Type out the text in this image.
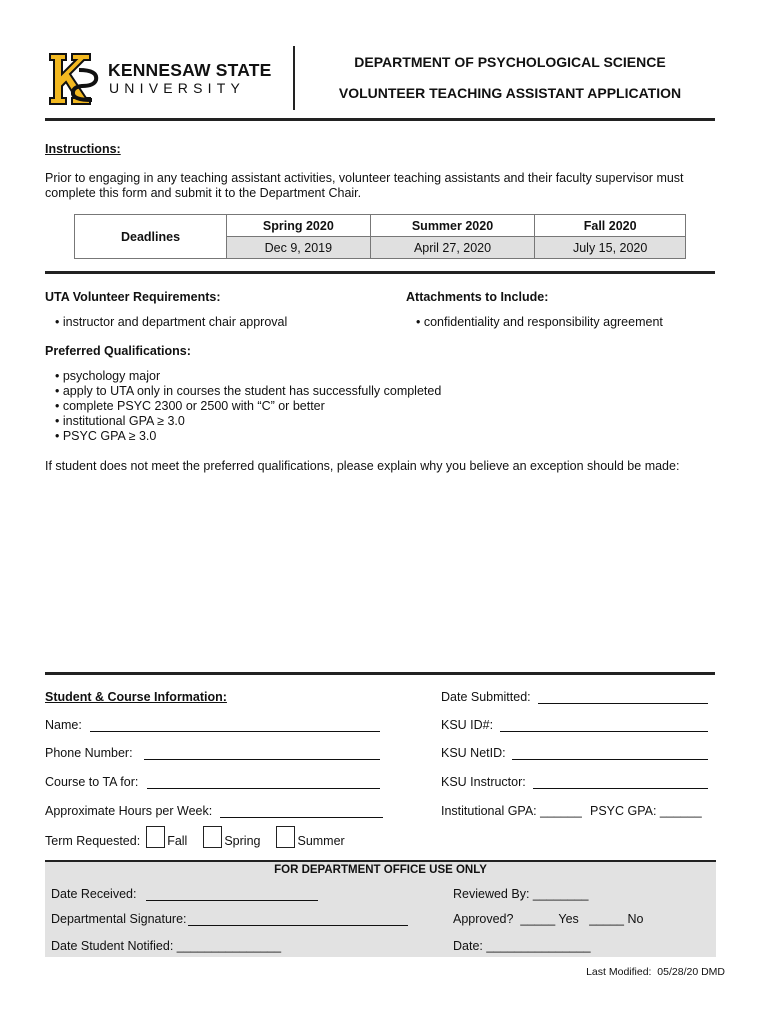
KENNESAW STATE
UNIVERSITY
DEPARTMENT OF PSYCHOLOGICAL SCIENCE
VOLUNTEER TEACHING ASSISTANT APPLICATION
Instructions:
Prior to engaging in any teaching assistant activities, volunteer teaching assistants and their faculty supervisor must
complete this form and submit it to the Department Chair.
Deadlines	Spring 2020	Summer 2020	Fall 2020
	Dec 9, 2019	April 27, 2020	July 15, 2020
UTA Volunteer Requirements:
• instructor and department chair approval
Attachments to Include:
• confidentiality and responsibility agreement
Preferred Qualifications:
• psychology major
• apply to UTA only in courses the student has successfully completed
• complete PSYC 2300 or 2500 with “C” or better
• institutional GPA ≥ 3.0
• PSYC GPA ≥ 3.0
If student does not meet the preferred qualifications, please explain why you believe an exception should be made:
Student & Course Information:	Date Submitted:
Name:	KSU ID#:
Phone Number:	KSU NetID:
Course to TA for:	KSU Instructor:
Approximate Hours per Week:	Institutional GPA: ______ PSYC GPA: ______
Term Requested: Fall	Spring	Summer
FOR DEPARTMENT OFFICE USE ONLY
Date Received:	Reviewed By: ________
Departmental Signature:	Approved?  _____ Yes   _____ No
Date Student Notified: _______________	Date: _______________
Last Modified:  05/28/20 DMD
